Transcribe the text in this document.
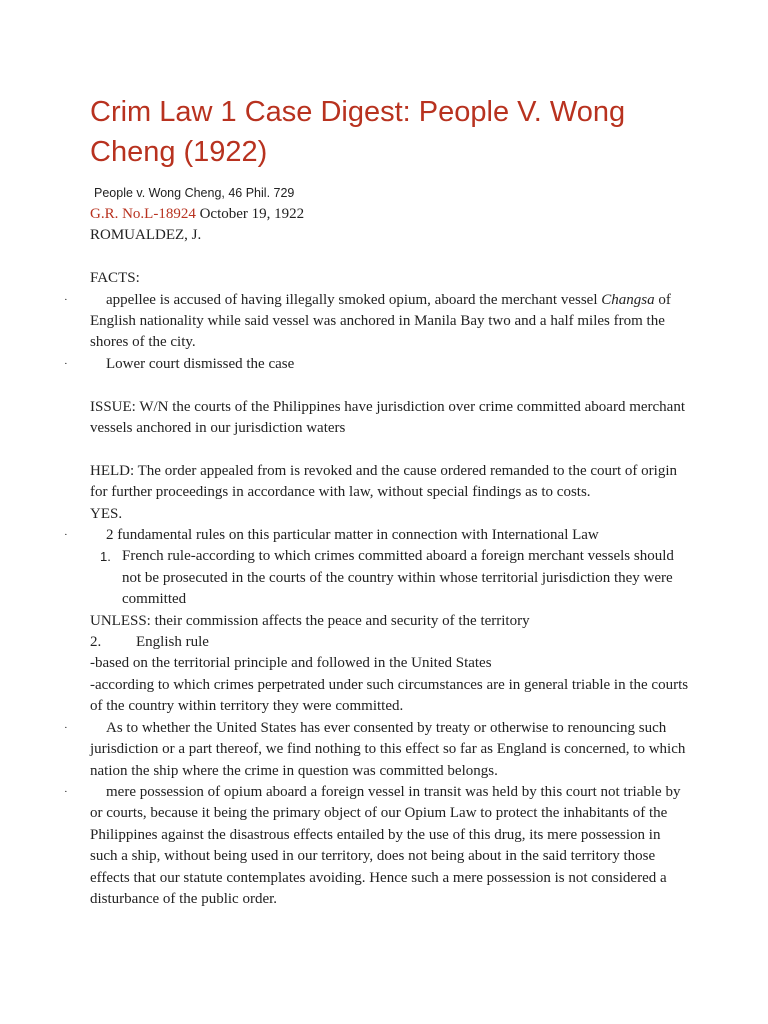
Crim Law 1 Case Digest: People V. Wong Cheng (1922)
People v. Wong Cheng, 46 Phil. 729
G.R. No.L-18924 October 19, 1922
ROMUALDEZ, J.
FACTS:
·	appellee is accused of having illegally smoked opium, aboard the merchant vessel Changsa of English nationality while said vessel was anchored in Manila Bay two and a half miles from the shores of the city.
·	Lower court dismissed the case
ISSUE: W/N the courts of the Philippines have jurisdiction over crime committed aboard merchant vessels anchored in our jurisdiction waters
HELD: The order appealed from is revoked and the cause ordered remanded to the court of origin for further proceedings in accordance with law, without special findings as to costs.
YES.
·	2 fundamental rules on this particular matter in connection with International Law
1. French rule-according to which crimes committed aboard a foreign merchant vessels should not be prosecuted in the courts of the country within whose territorial jurisdiction they were committed
UNLESS: their commission affects the peace and security of the territory
2. English rule
-based on the territorial principle and followed in the United States
-according to which crimes perpetrated under such circumstances are in general triable in the courts of the country within territory they were committed.
·	As to whether the United States has ever consented by treaty or otherwise to renouncing such jurisdiction or a part thereof, we find nothing to this effect so far as England is concerned, to which nation the ship where the crime in question was committed belongs.
·	mere possession of opium aboard a foreign vessel in transit was held by this court not triable by or courts, because it being the primary object of our Opium Law to protect the inhabitants of the Philippines against the disastrous effects entailed by the use of this drug, its mere possession in such a ship, without being used in our territory, does not being about in the said territory those effects that our statute contemplates avoiding. Hence such a mere possession is not considered a disturbance of the public order.
